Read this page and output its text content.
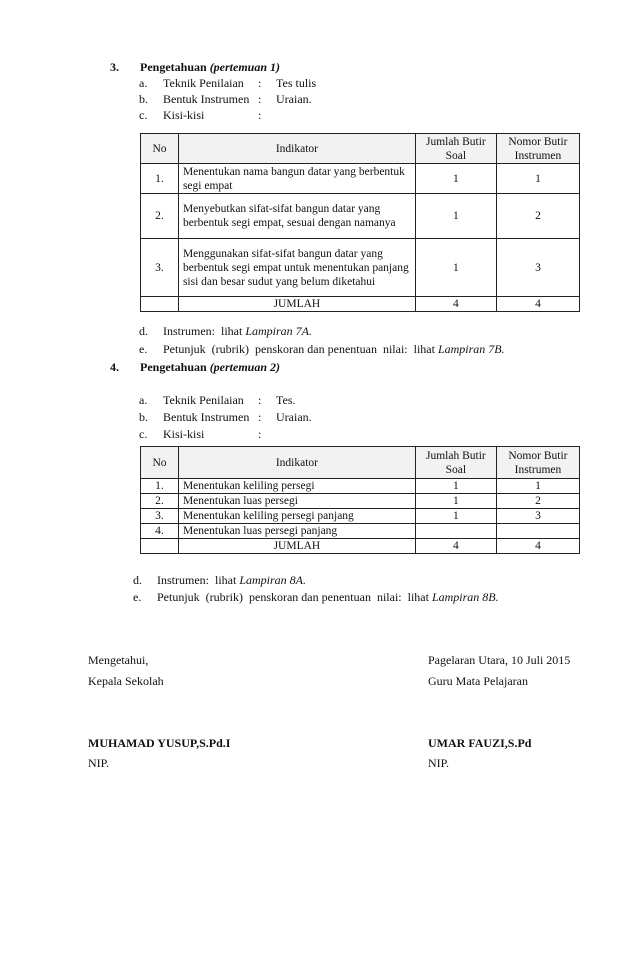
3.	Pengetahuan
(pertemuan 1)
a.	Teknik Penilaian	:	Tes tulis
b.	Bentuk Instrumen :	Uraian.
c.	Kisi-kisi	:
No	Indikator	Jumlah Butir Soal	Nomor Butir Instrumen
1.	Menentukan nama bangun datar yang berbentuk segi empat	1	1
2.	Menyebutkan sifat-sifat bangun datar yang berbentuk segi empat, sesuai dengan namanya	1	2
3.	Menggunakan sifat-sifat bangun datar yang berbentuk segi empat untuk menentukan panjang sisi dan besar sudut yang belum diketahui	1	3
	JUMLAH	4	4
d.	Instrumen:  lihat Lampiran 7A.
e.	Petunjuk  (rubrik)  penskoran dan penentuan  nilai:  lihat Lampiran 7B.
4.	Pengetahuan
(pertemuan 2)
a.	Teknik Penilaian	:	Tes.
b.	Bentuk Instrumen :	Uraian.
c.	Kisi-kisi	:
No	Indikator	Jumlah Butir Soal	Nomor Butir Instrumen
1.	Menentukan keliling persegi	1	1
2.	Menentukan luas persegi	1	2
3.	Menentukan keliling persegi panjang	1	3
4.	Menentukan luas persegi panjang		
	JUMLAH	4	4
d.	Instrumen:  lihat Lampiran 8A.
e.	Petunjuk  (rubrik)  penskoran dan penentuan  nilai:  lihat Lampiran 8B.
Mengetahui,
Kepala Sekolah
MUHAMAD YUSUP,S.Pd.I
NIP.
Pagelaran Utara, 10 Juli 2015
Guru Mata Pelajaran
UMAR FAUZI,S.Pd
NIP.
